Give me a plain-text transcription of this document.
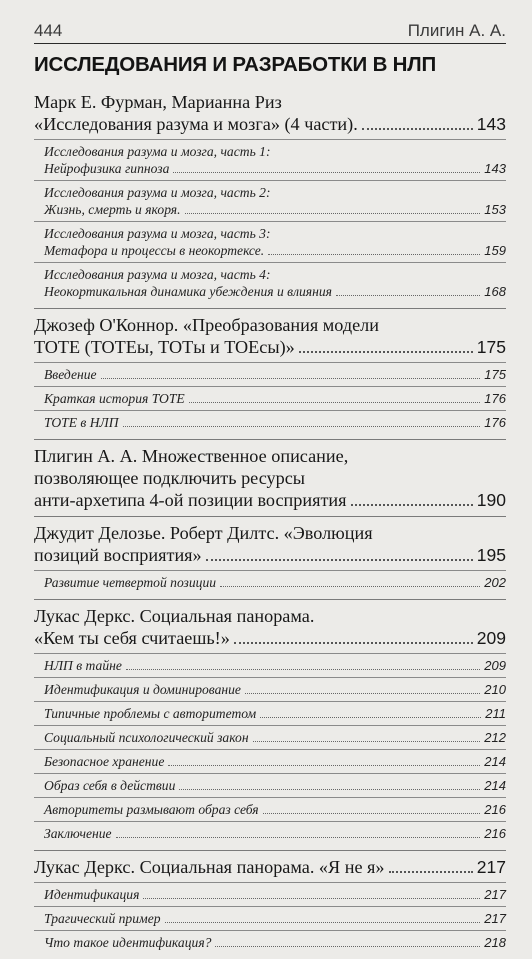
444	Плигин А. А.
ИССЛЕДОВАНИЯ И РАЗРАБОТКИ В НЛП
Марк Е. Фурман, Марианна Риз
«Исследования разума и мозга» (4 части).	143
Исследования разума и мозга, часть 1:
Нейрофизика гипноза	143
Исследования разума и мозга, часть 2:
Жизнь, смерть и якоря.	153
Исследования разума и мозга, часть 3:
Метафора и процессы в неокортексе.	159
Исследования разума и мозга, часть 4:
Неокортикальная динамика убеждения и влияния	168
Джозеф О'Коннор. «Преобразования модели
TOTE (TOTEы, TOTы и TOEсы)»	175
Введение	175
Краткая история TOTE	176
TOTE в НЛП	176
Плигин А. А. Множественное описание,
позволяющее подключить ресурсы
анти-архетипа 4-ой позиции восприятия	190
Джудит Делозье. Роберт Дилтс. «Эволюция
позиций восприятия»	195
Развитие четвертой позиции	202
Лукас Деркс. Социальная панорама.
«Кем ты себя считаешь!»	209
НЛП в тайне	209
Идентификация и доминирование	210
Типичные проблемы с авторитетом	211
Социальный психологический закон	212
Безопасное хранение	214
Образ себя в действии	214
Авторитеты размывают образ себя	216
Заключение	216
Лукас Деркс. Социальная панорама. «Я не я»	217
Идентификация	217
Трагический пример	217
Что такое идентификация?	218
